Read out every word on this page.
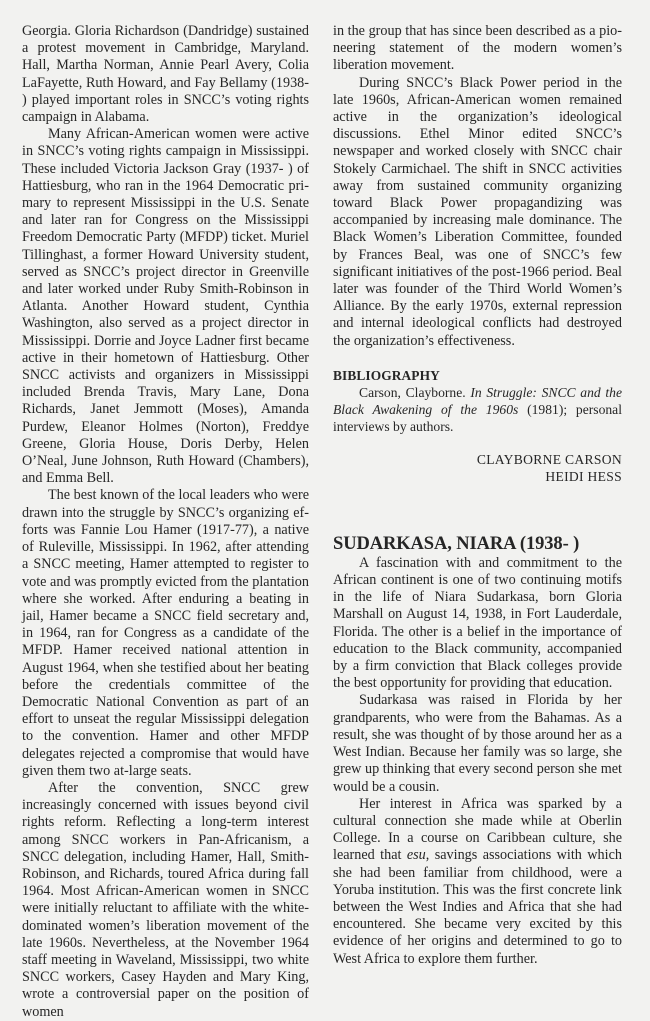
Georgia. Gloria Richardson (Dandridge) sustained a protest movement in Cambridge, Maryland. Hall, Martha Norman, Annie Pearl Avery, Colia LaFayette, Ruth Howard, and Fay Bellamy (1938- ) played important roles in SNCC’s voting rights campaign in Alabama.

Many African-American women were active in SNCC’s voting rights campaign in Mississippi. These included Victoria Jackson Gray (1937- ) of Hattiesburg, who ran in the 1964 Democratic primary to represent Mississippi in the U.S. Senate and later ran for Congress on the Mississippi Freedom Democratic Party (MFDP) ticket. Muriel Tillinghast, a former Howard University student, served as SNCC’s project director in Greenville and later worked under Ruby Smith-Robinson in Atlanta. Another Howard student, Cynthia Washington, also served as a project director in Mississippi. Dorrie and Joyce Ladner first became active in their hometown of Hattiesburg. Other SNCC activists and organizers in Mississippi included Brenda Travis, Mary Lane, Dona Richards, Janet Jemmott (Moses), Amanda Purdew, Eleanor Holmes (Norton), Freddye Greene, Gloria House, Doris Derby, Helen O’Neal, June Johnson, Ruth Howard (Chambers), and Emma Bell.

The best known of the local leaders who were drawn into the struggle by SNCC’s organizing efforts was Fannie Lou Hamer (1917-77), a native of Ruleville, Mississippi. In 1962, after attending a SNCC meeting, Hamer attempted to register to vote and was promptly evicted from the plantation where she worked. After enduring a beating in jail, Hamer became a SNCC field secretary and, in 1964, ran for Congress as a candidate of the MFDP. Hamer received national attention in August 1964, when she testified about her beating before the credentials committee of the Democratic National Convention as part of an effort to unseat the regular Mississippi delegation to the convention. Hamer and other MFDP delegates rejected a compromise that would have given them two at-large seats.

After the convention, SNCC grew increasingly concerned with issues beyond civil rights reform. Reflecting a long-term interest among SNCC workers in Pan-Africanism, a SNCC delegation, including Hamer, Hall, Smith-Robinson, and Richards, toured Africa during fall 1964. Most African-American women in SNCC were initially reluctant to affiliate with the white-dominated women’s liberation movement of the late 1960s. Nevertheless, at the November 1964 staff meeting in Waveland, Mississippi, two white SNCC workers, Casey Hayden and Mary King, wrote a controversial paper on the position of women

in the group that has since been described as a pioneering statement of the modern women’s liberation movement.

During SNCC’s Black Power period in the late 1960s, African-American women remained active in the organization’s ideological discussions. Ethel Minor edited SNCC’s newspaper and worked closely with SNCC chair Stokely Carmichael. The shift in SNCC activities away from sustained community organizing toward Black Power propagandizing was accompanied by increasing male dominance. The Black Women’s Liberation Committee, founded by Frances Beal, was one of SNCC’s few significant initiatives of the post-1966 period. Beal later was founder of the Third World Women’s Alliance. By the early 1970s, external repression and internal ideological conflicts had destroyed the organization’s effectiveness.

BIBLIOGRAPHY

Carson, Clayborne. In Struggle: SNCC and the Black Awakening of the 1960s (1981); personal interviews by authors.

CLAYBORNE CARSON
HEIDI HESS
SUDARKASA, NIARA (1938- )

A fascination with and commitment to the African continent is one of two continuing motifs in the life of Niara Sudarkasa, born Gloria Marshall on August 14, 1938, in Fort Lauderdale, Florida. The other is a belief in the importance of education to the Black community, accompanied by a firm conviction that Black colleges provide the best opportunity for providing that education.

Sudarkasa was raised in Florida by her grandparents, who were from the Bahamas. As a result, she was thought of by those around her as a West Indian. Because her family was so large, she grew up thinking that every second person she met would be a cousin.

Her interest in Africa was sparked by a cultural connection she made while at Oberlin College. In a course on Caribbean culture, she learned that esu, savings associations with which she had been familiar from childhood, were a Yoruba institution. This was the first concrete link between the West Indies and Africa that she had encountered. She became very excited by this evidence of her origins and determined to go to West Africa to explore them further.
